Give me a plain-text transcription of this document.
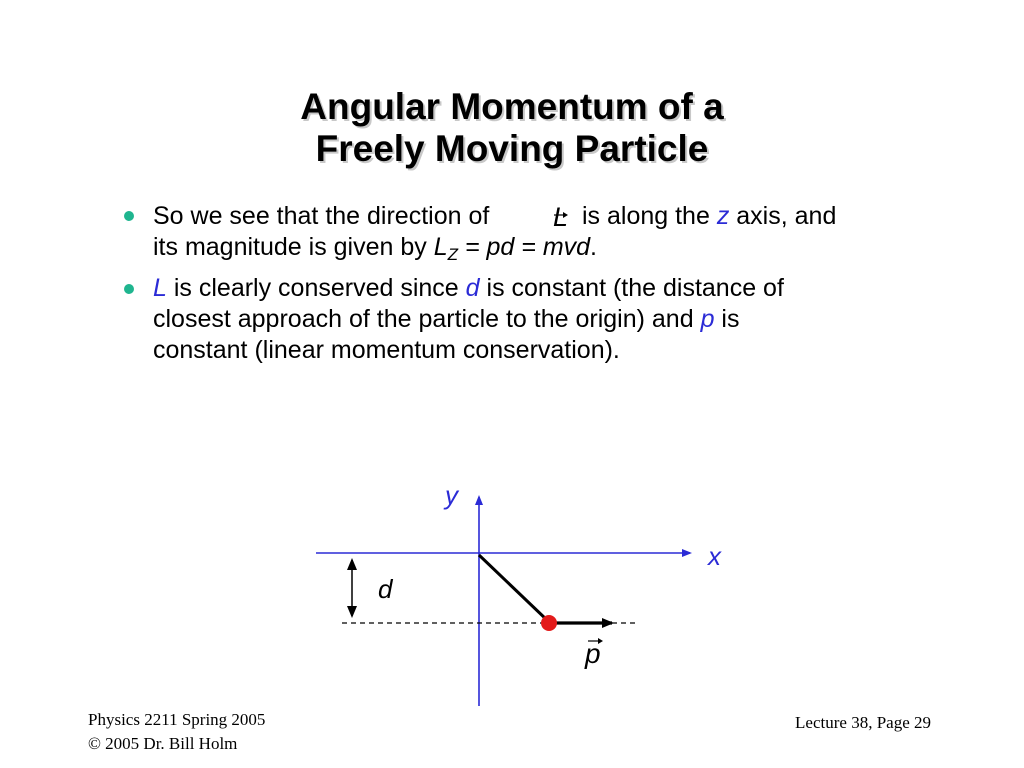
Angular Momentum of a
Freely Moving Particle
So we see that the direction of L is along the z axis, and
its magnitude is given by $L_Z$ = pd = mvd.
L is clearly conserved since d is constant (the distance of
closest approach of the particle to the origin) and p is
constant (linear momentum conservation).
y
x
d
p
Physics 2211 Spring 2005
© 2005 Dr. Bill Holm
Lecture 38, Page 29
